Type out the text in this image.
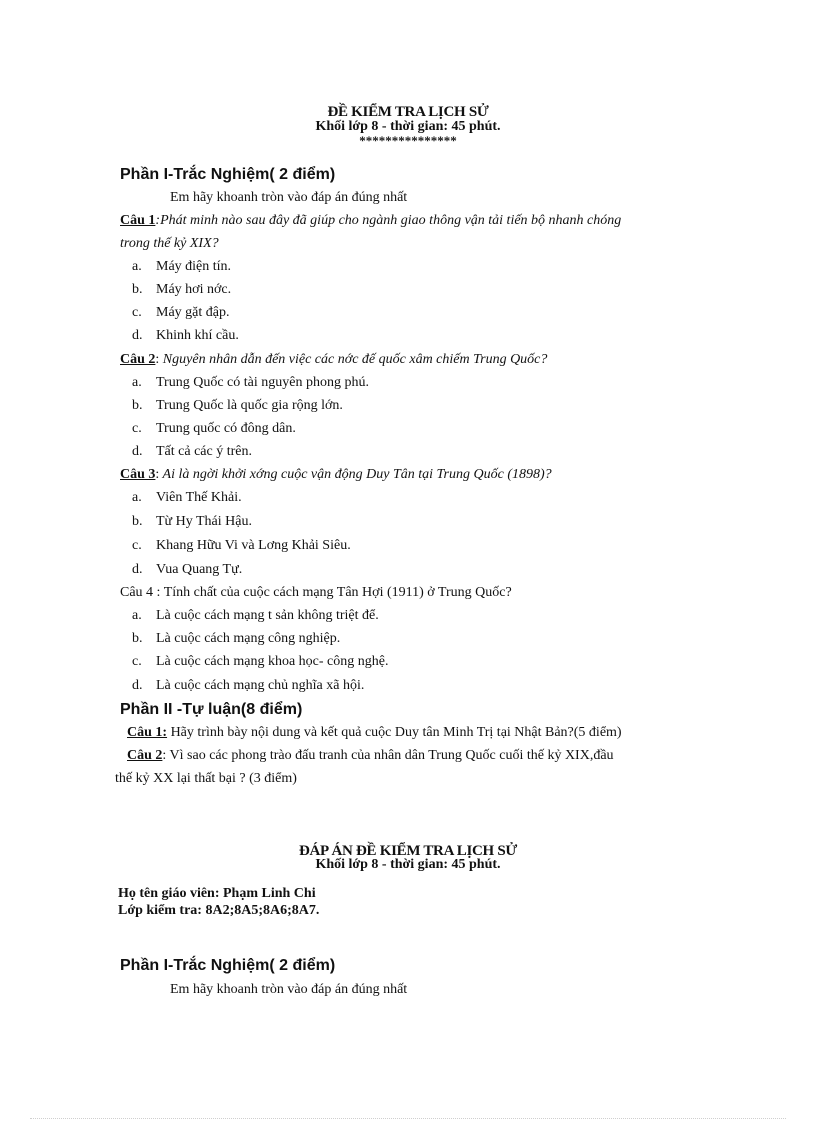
ĐỀ KIỂM TRA LỊCH SỬ
Khối lớp 8 - thời gian: 45 phút.
***************
Phần I-Trắc Nghiệm( 2 điểm)
Em hãy khoanh tròn vào đáp án đúng nhất
Câu 1:Phát minh nào sau đây đã giúp cho ngành giao thông vận tải tiến bộ nhanh chóng
trong thế kỷ XIX?
a. Máy điện tín.
b. Máy hơi nớc.
c. Máy gặt đập.
d. Khinh khí cầu.
Câu 2: Nguyên nhân dẫn đến việc các nớc đế quốc xâm chiếm Trung Quốc?
a. Trung Quốc có tài nguyên phong phú.
b. Trung Quốc là quốc gia rộng lớn.
c. Trung quốc có đông dân.
d. Tất cả các ý trên.
Câu 3: Ai là ngời khởi xớng cuộc vận động Duy Tân tại Trung Quốc (1898)?
a. Viên Thế Khải.
b. Từ Hy Thái Hậu.
c. Khang Hữu Vi và Lơng Khải Siêu.
d. Vua Quang Tự.
Câu 4 : Tính chất của cuộc cách mạng Tân Hợi (1911) ở Trung Quốc?
a. Là cuộc cách mạng t sản không triệt để.
b. Là cuộc cách mạng công nghiệp.
c. Là cuộc cách mạng khoa học- công nghệ.
d. Là cuộc cách mạng chủ nghĩa xã hội.
Phần II -Tự luận(8 điểm)
Câu 1: Hãy trình bày nội dung và kết quả cuộc Duy tân Minh Trị tại Nhật Bản?(5 điểm)
Câu 2: Vì sao các phong trào đấu tranh của nhân dân Trung Quốc cuối thế kỷ XIX,đầu
thế kỷ XX lại thất bại ? (3 điểm)
ĐÁP ÁN ĐỀ KIỂM TRA LỊCH SỬ
Khối lớp 8 - thời gian: 45 phút.
Họ tên giáo viên: Phạm Linh Chi
Lớp kiểm tra: 8A2;8A5;8A6;8A7.
Phần I-Trắc Nghiệm( 2 điểm)
Em hãy khoanh tròn vào đáp án đúng nhất
